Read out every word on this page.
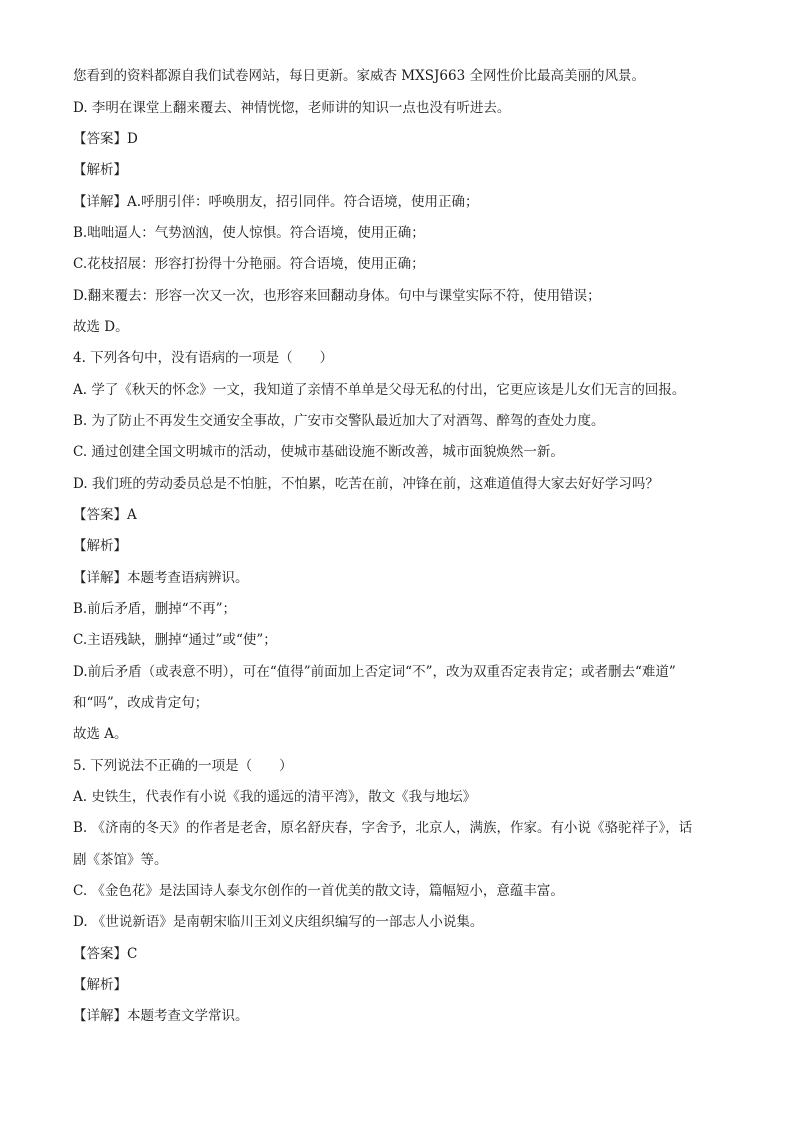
您看到的资料都源自我们试卷网站，每日更新。家威杏 MXSJ663 全网性价比最高美丽的风景。
D. 李明在课堂上翻来覆去、神情恍惚，老师讲的知识一点也没有听进去。
【答案】D
【解析】
【详解】A.呼朋引伴：呼唤朋友，招引同伴。符合语境，使用正确；
B.咄咄逼人：气势汹汹，使人惊惧。符合语境，使用正确；
C.花枝招展：形容打扮得十分艳丽。符合语境，使用正确；
D.翻来覆去：形容一次又一次，也形容来回翻动身体。句中与课堂实际不符，使用错误；
故选 D。
4. 下列各句中，没有语病的一项是（　　）
A. 学了《秋天的怀念》一文，我知道了亲情不单单是父母无私的付出，它更应该是儿女们无言的回报。
B. 为了防止不再发生交通安全事故，广安市交警队最近加大了对酒驾、醉驾的查处力度。
C. 通过创建全国文明城市的活动，使城市基础设施不断改善，城市面貌焕然一新。
D. 我们班的劳动委员总是不怕脏，不怕累，吃苦在前，冲锋在前，这难道值得大家去好好学习吗？
【答案】A
【解析】
【详解】本题考查语病辨识。
B.前后矛盾，删掉“不再”；
C.主语残缺，删掉“通过”或“使”；
D.前后矛盾（或表意不明），可在“值得”前面加上否定词“不”，改为双重否定表肯定；或者删去“难道”
和“吗”，改成肯定句；
故选 A。
5. 下列说法不正确的一项是（　　）
A. 史铁生，代表作有小说《我的遥远的清平湾》，散文《我与地坛》
B. 《济南的冬天》的作者是老舍，原名舒庆春，字舍予，北京人，满族，作家。有小说《骆驼祥子》，话
剧《茶馆》等。
C. 《金色花》是法国诗人泰戈尔创作的一首优美的散文诗，篇幅短小，意蕴丰富。
D. 《世说新语》是南朝宋临川王刘义庆组织编写的一部志人小说集。
【答案】C
【解析】
【详解】本题考查文学常识。
